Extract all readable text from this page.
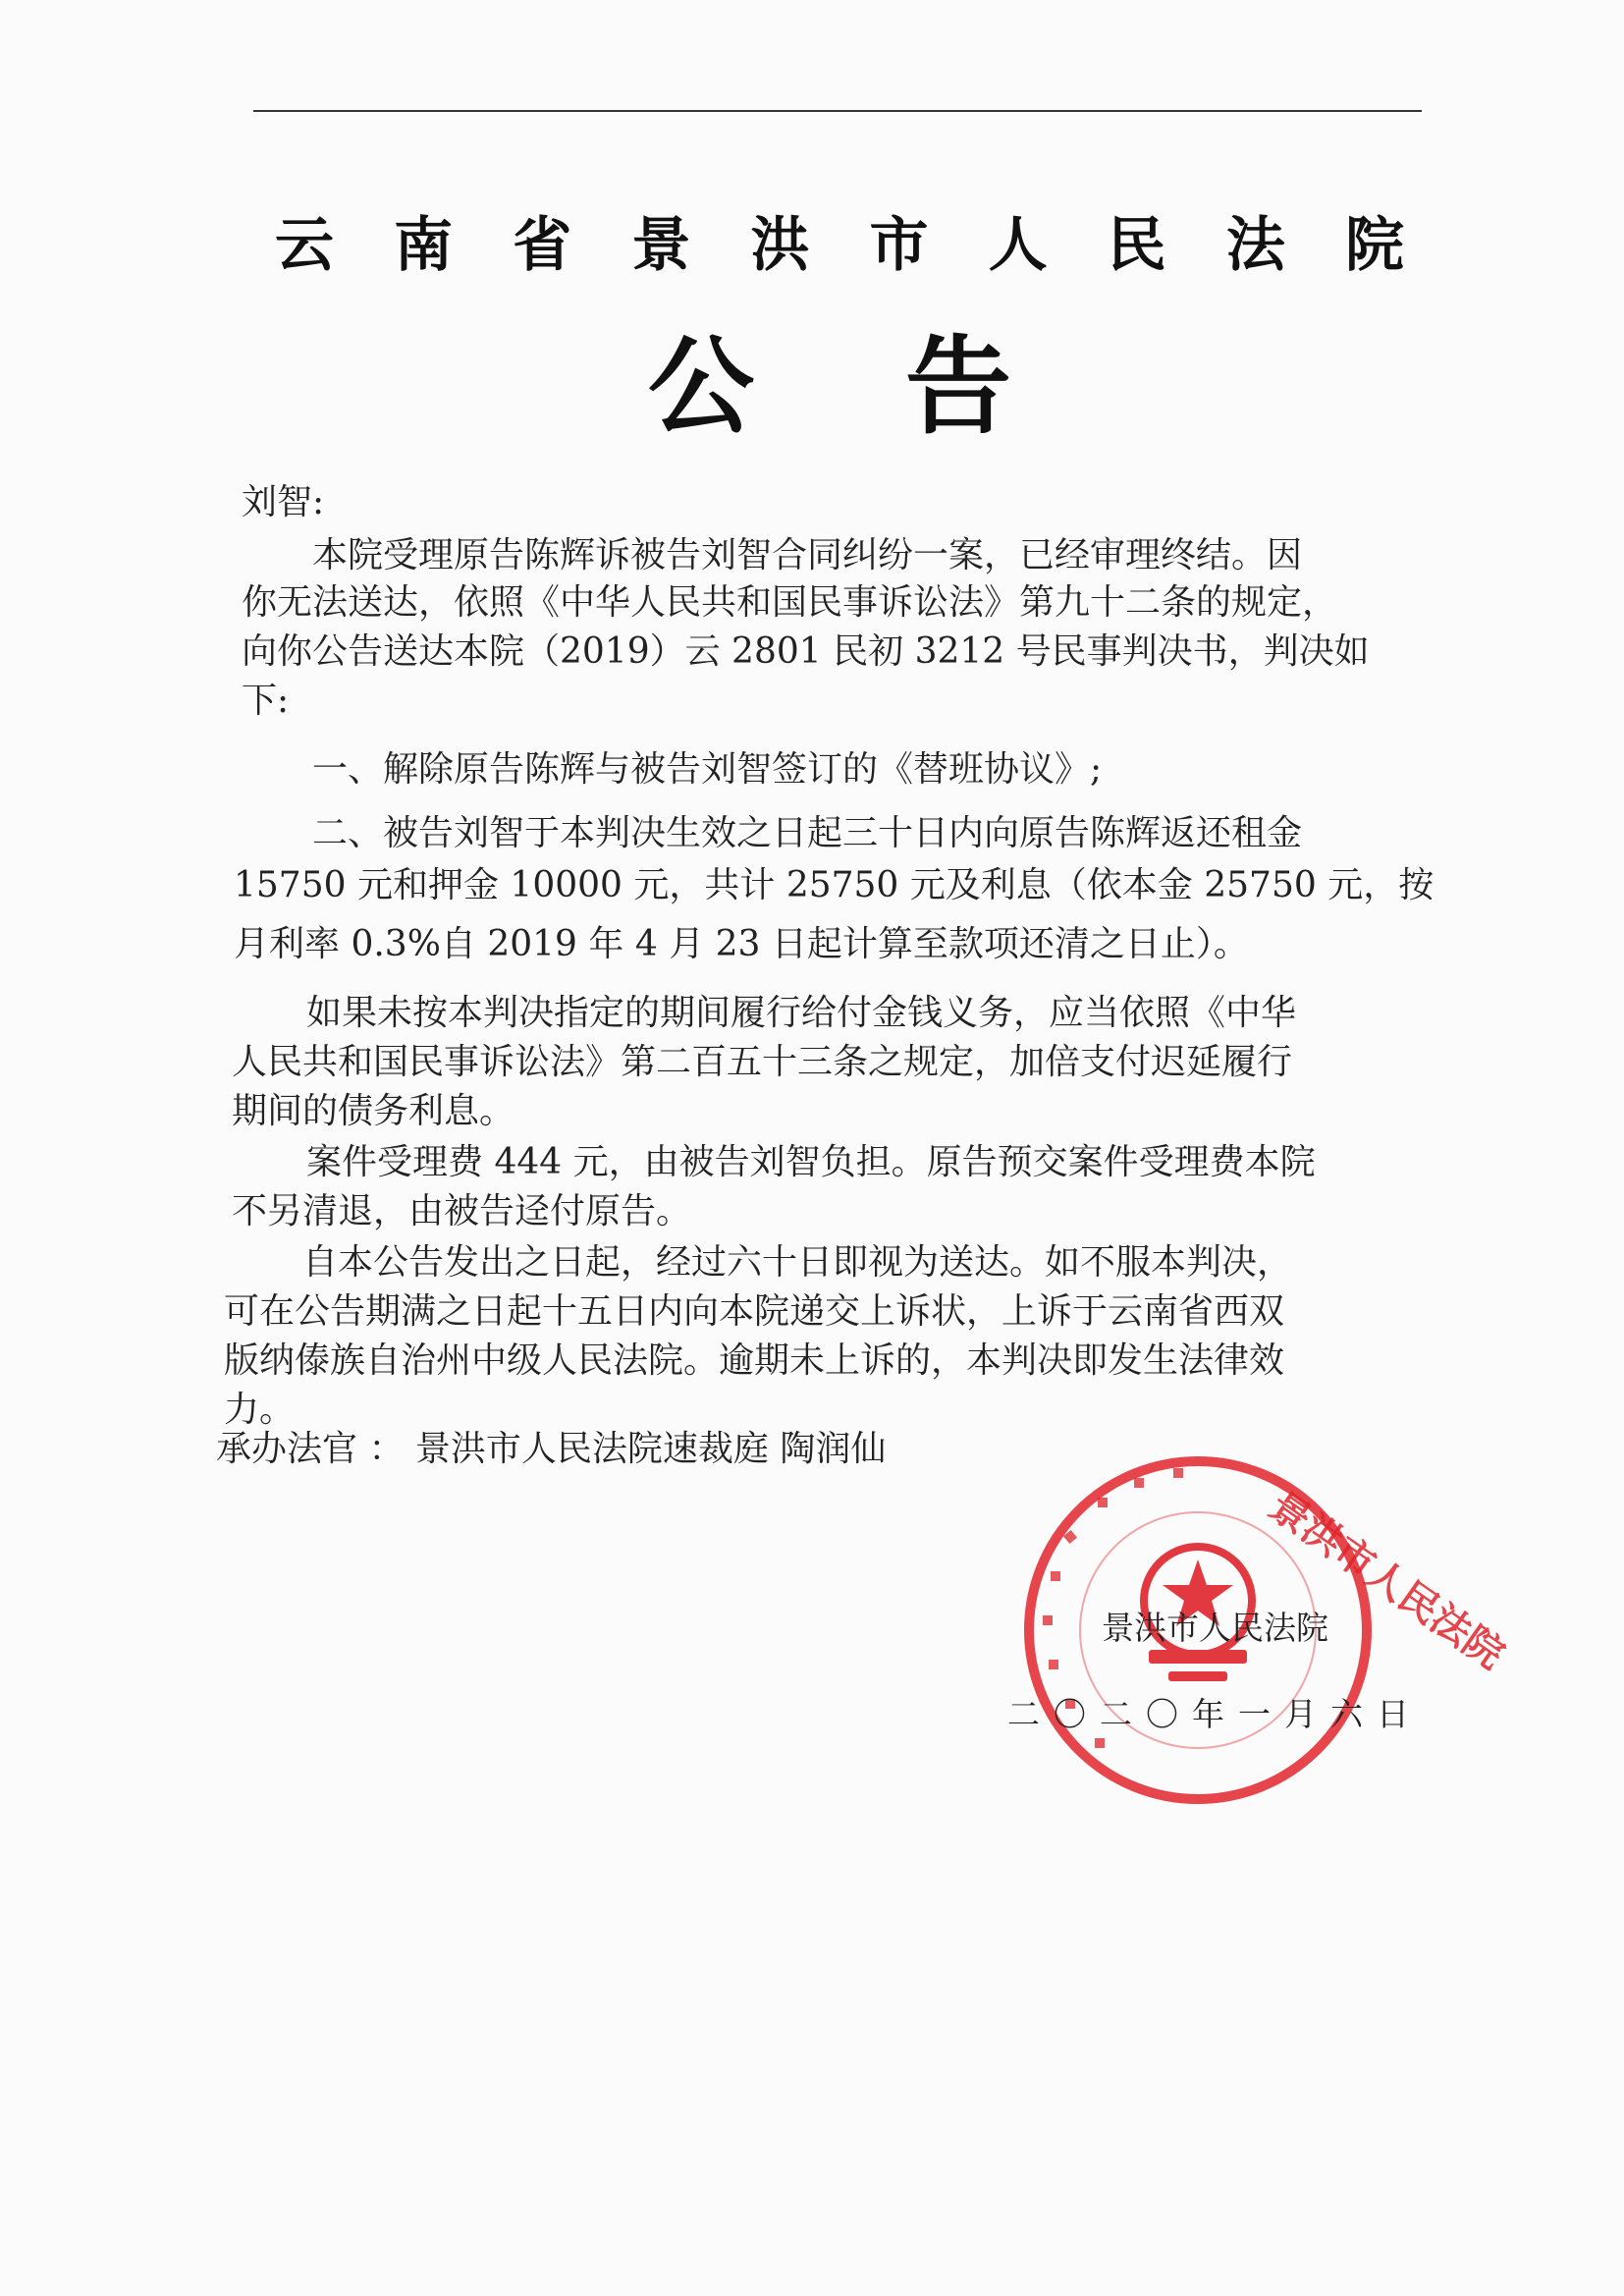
云 南 省 景 洪 市 人 民 法 院
公 告
刘智:
本院受理原告陈辉诉被告刘智合同纠纷一案，已经审理终结。因
你无法送达，依照《中华人民共和国民事诉讼法》第九十二条的规定，
向你公告送达本院（2019）云 2801 民初 3212 号民事判决书，判决如
下:
一、解除原告陈辉与被告刘智签订的《替班协议》;
二、被告刘智于本判决生效之日起三十日内向原告陈辉返还租金
15750 元和押金 10000 元，共计 25750 元及利息（依本金 25750 元，按
月利率 0.3%自 2019 年 4 月 23 日起计算至款项还清之日止）。
如果未按本判决指定的期间履行给付金钱义务，应当依照《中华
人民共和国民事诉讼法》第二百五十三条之规定，加倍支付迟延履行
期间的债务利息。
案件受理费 444 元，由被告刘智负担。原告预交案件受理费本院
不另清退，由被告迳付原告。
自本公告发出之日起，经过六十日即视为送达。如不服本判决，
可在公告期满之日起十五日内向本院递交上诉状，上诉于云南省西双
版纳傣族自治州中级人民法院。逾期未上诉的，本判决即发生法律效
力。
承办法官 ： 景洪市人民法院速裁庭 陶润仙
景洪市人民法院
景洪市人民法院
二〇二〇年一月六日
